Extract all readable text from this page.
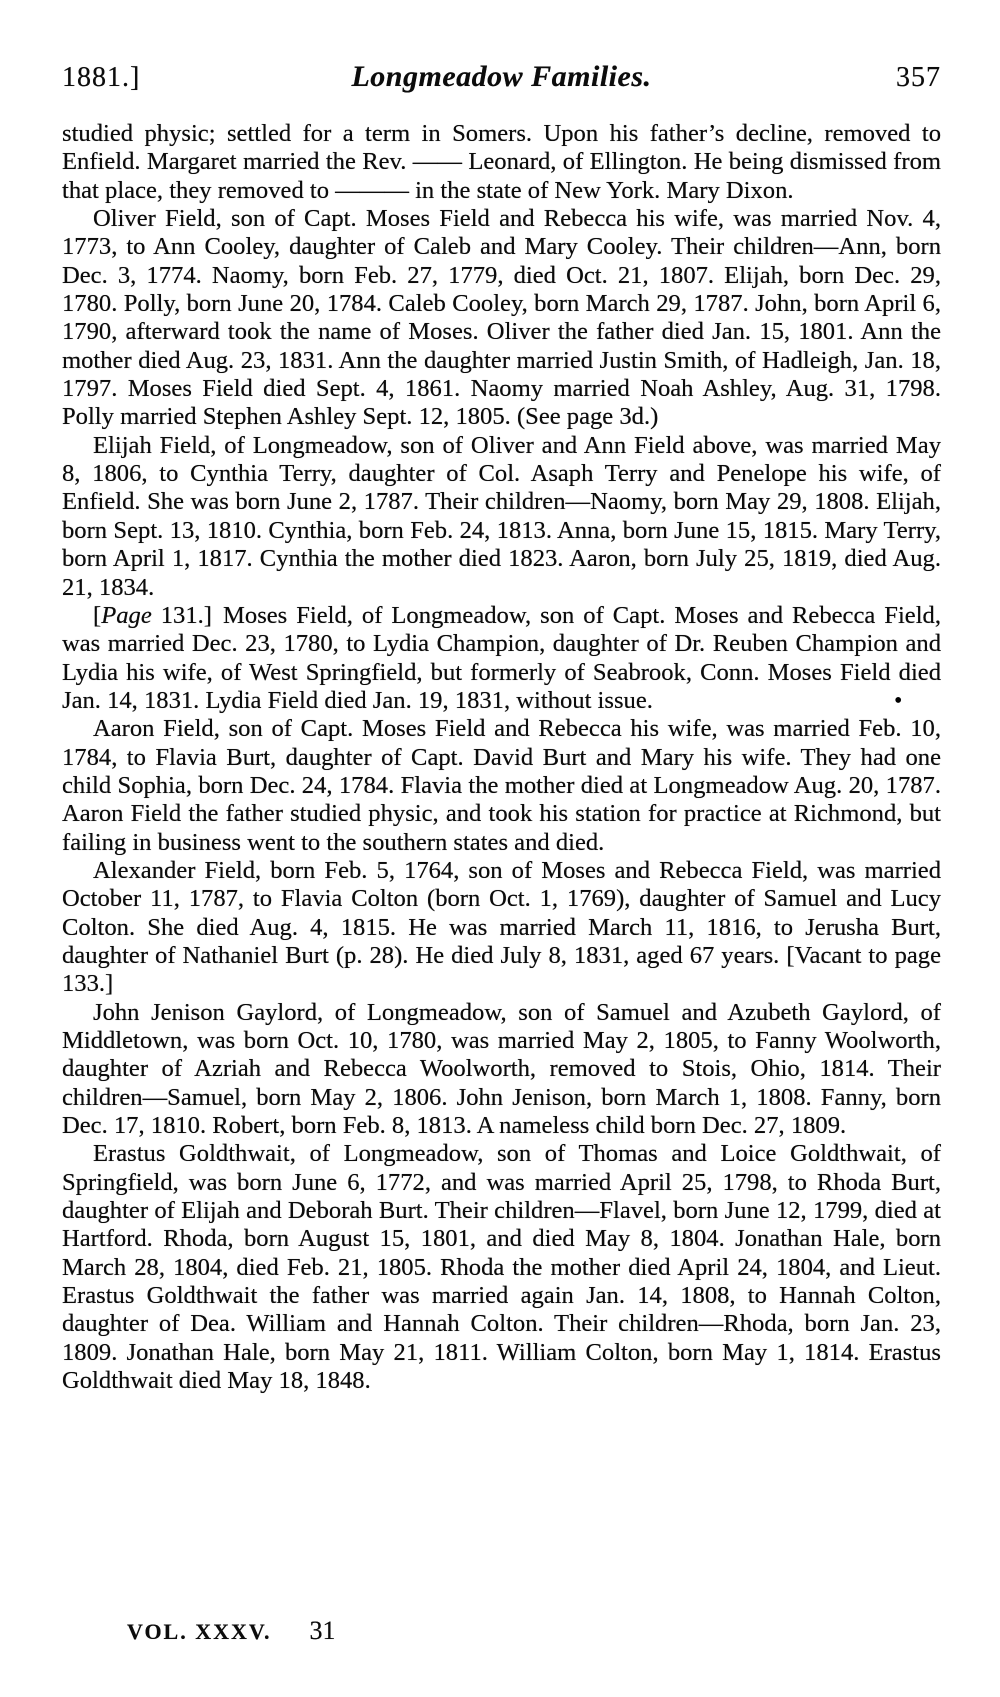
1881.]	Longmeadow Families.	357

studied physic; settled for a term in Somers. Upon his father’s decline, removed to Enfield. Margaret married the Rev. —— Leonard, of Ellington. He being dismissed from that place, they removed to ——— in the state of New York. Mary Dixon.

Oliver Field, son of Capt. Moses Field and Rebecca his wife, was married Nov. 4, 1773, to Ann Cooley, daughter of Caleb and Mary Cooley. Their children—Ann, born Dec. 3, 1774. Naomy, born Feb. 27, 1779, died Oct. 21, 1807. Elijah, born Dec. 29, 1780. Polly, born June 20, 1784. Caleb Cooley, born March 29, 1787. John, born April 6, 1790, afterward took the name of Moses. Oliver the father died Jan. 15, 1801. Ann the mother died Aug. 23, 1831. Ann the daughter married Justin Smith, of Hadleigh, Jan. 18, 1797. Moses Field died Sept. 4, 1861. Naomy married Noah Ashley, Aug. 31, 1798. Polly married Stephen Ashley Sept. 12, 1805. (See page 3d.)

Elijah Field, of Longmeadow, son of Oliver and Ann Field above, was married May 8, 1806, to Cynthia Terry, daughter of Col. Asaph Terry and Penelope his wife, of Enfield. She was born June 2, 1787. Their children—Naomy, born May 29, 1808. Elijah, born Sept. 13, 1810. Cynthia, born Feb. 24, 1813. Anna, born June 15, 1815. Mary Terry, born April 1, 1817. Cynthia the mother died 1823. Aaron, born July 25, 1819, died Aug. 21, 1834.

[Page 131.] Moses Field, of Longmeadow, son of Capt. Moses and Rebecca Field, was married Dec. 23, 1780, to Lydia Champion, daughter of Dr. Reuben Champion and Lydia his wife, of West Springfield, but formerly of Seabrook, Conn. Moses Field died Jan. 14, 1831. Lydia Field died Jan. 19, 1831, without issue.

Aaron Field, son of Capt. Moses Field and Rebecca his wife, was married Feb. 10, 1784, to Flavia Burt, daughter of Capt. David Burt and Mary his wife. They had one child Sophia, born Dec. 24, 1784. Flavia the mother died at Longmeadow Aug. 20, 1787. Aaron Field the father studied physic, and took his station for practice at Richmond, but failing in business went to the southern states and died.

Alexander Field, born Feb. 5, 1764, son of Moses and Rebecca Field, was married October 11, 1787, to Flavia Colton (born Oct. 1, 1769), daughter of Samuel and Lucy Colton. She died Aug. 4, 1815. He was married March 11, 1816, to Jerusha Burt, daughter of Nathaniel Burt (p. 28). He died July 8, 1831, aged 67 years. [Vacant to page 133.]

John Jenison Gaylord, of Longmeadow, son of Samuel and Azubeth Gaylord, of Middletown, was born Oct. 10, 1780, was married May 2, 1805, to Fanny Woolworth, daughter of Azriah and Rebecca Woolworth, removed to Stois, Ohio, 1814. Their children—Samuel, born May 2, 1806. John Jenison, born March 1, 1808. Fanny, born Dec. 17, 1810. Robert, born Feb. 8, 1813. A nameless child born Dec. 27, 1809.

Erastus Goldthwait, of Longmeadow, son of Thomas and Loice Goldthwait, of Springfield, was born June 6, 1772, and was married April 25, 1798, to Rhoda Burt, daughter of Elijah and Deborah Burt. Their children—Flavel, born June 12, 1799, died at Hartford. Rhoda, born August 15, 1801, and died May 8, 1804. Jonathan Hale, born March 28, 1804, died Feb. 21, 1805. Rhoda the mother died April 24, 1804, and Lieut. Erastus Goldthwait the father was married again Jan. 14, 1808, to Hannah Colton, daughter of Dea. William and Hannah Colton. Their children—Rhoda, born Jan. 23, 1809. Jonathan Hale, born May 21, 1811. William Colton, born May 1, 1814. Erastus Goldthwait died May 18, 1848.

•
VOL. XXXV. 31
